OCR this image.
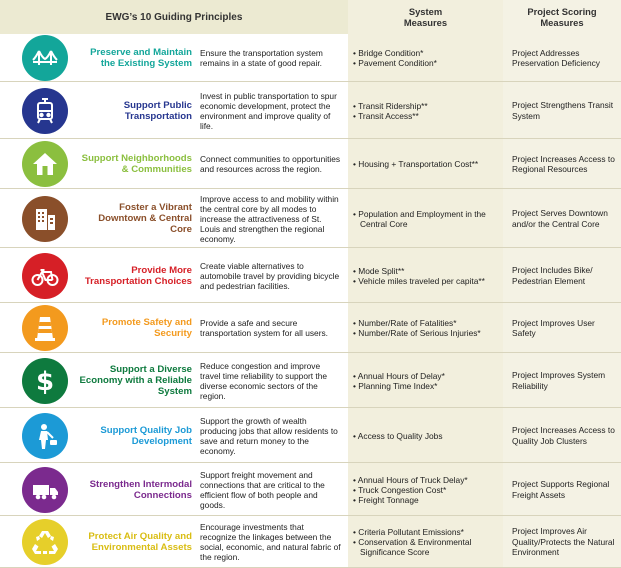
EWG’s 10 Guiding Principles	System
Measures
Project Scoring
Measures
Preserve and Maintain the Existing System
Ensure the transportation system remains in a state of good repair.
• Bridge Condition*
• Pavement Condition*
Project Addresses Preservation Deficiency
Support Public Transportation
Invest in public transportation to spur economic development, protect the environment and improve quality of life.
• Transit Ridership**
• Transit Access**
Project Strengthens Transit System
Support Neighborhoods & Communities
Connect communities to opportunities and resources across the region.
•	Housing + Transportation Cost**
Project Increases Access to Regional Resources
Foster a Vibrant Downtown & Central Core
Improve access to and mobility within the central core by all modes to increase the attractiveness of St. Louis and strengthen the regional economy.
• Population and Employment in the Central Core
Project Serves Downtown and/or the Central Core
Provide More Transportation Choices
Create viable alternatives to automobile travel by providing bicycle and pedestrian facilities.
• Mode Split**
• Vehicle miles traveled per capita**
Project Includes Bike/ Pedestrian Element
Promote Safety and Security
Provide a safe and secure transportation system for all users.
• Number/Rate of Fatalities*
• Number/Rate of Serious Injuries*
Project Improves User Safety
$	Support a Diverse Economy with a Reliable System
Reduce congestion and improve travel time reliability to support the diverse economic sectors of the region.
• Annual Hours of Delay*
• Planning Time Index*
Project Improves System Reliability
Support Quality Job Development
Support the growth of wealth producing jobs that allow residents to save and return money to the economy.
• Access to Quality Jobs
Project Increases Access to Quality Job Clusters
Strengthen Intermodal Connections
Support freight movement and connections that are critical to the efficient flow of both people and goods.
• Annual Hours of Truck Delay*
• Truck Congestion Cost*
• Freight Tonnage
Project Supports Regional Freight Assets
Protect Air Quality and Environmental Assets
Encourage investments that recognize the linkages between the social, economic, and natural fabric of the region.
• Criteria Pollutant Emissions*
• Conservation & Environmental Significance Score
Project Improves Air Quality/Protects the Natural Environment
